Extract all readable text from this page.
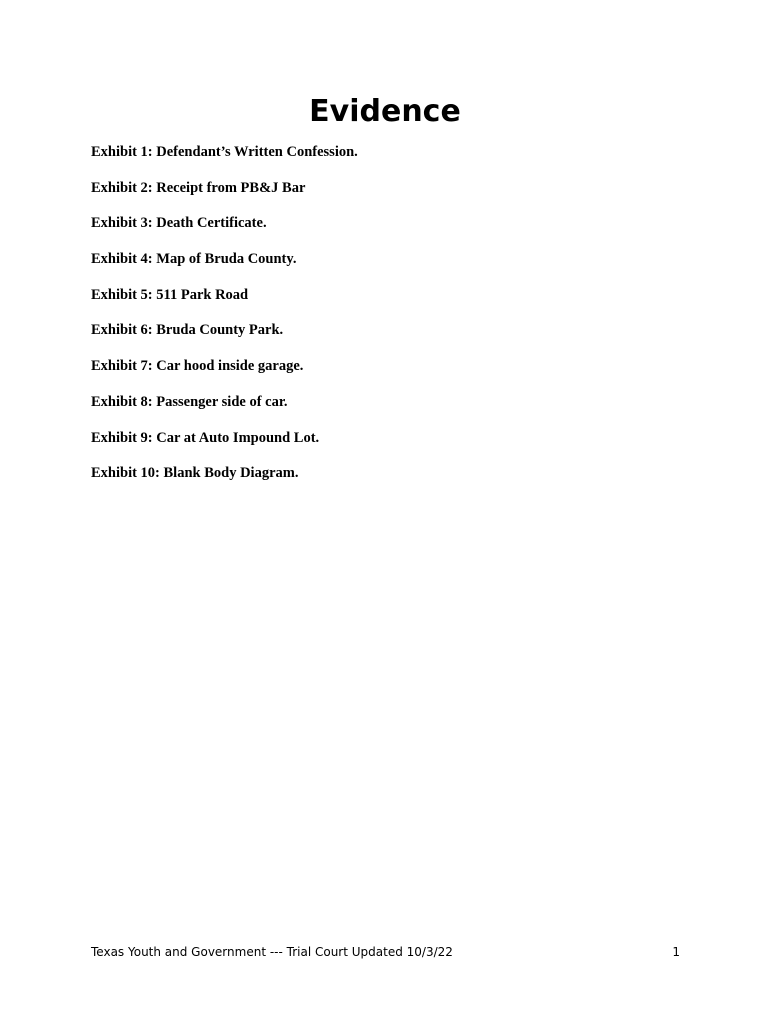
Evidence
Exhibit 1: Defendant’s Written Confession.
Exhibit 2: Receipt from PB&J Bar
Exhibit 3: Death Certificate.
Exhibit 4: Map of Bruda County.
Exhibit 5: 511 Park Road
Exhibit 6: Bruda County Park.
Exhibit 7: Car hood inside garage.
Exhibit 8: Passenger side of car.
Exhibit 9: Car at Auto Impound Lot.
Exhibit 10: Blank Body Diagram.
Texas Youth and Government --- Trial Court Updated 10/3/22	1
